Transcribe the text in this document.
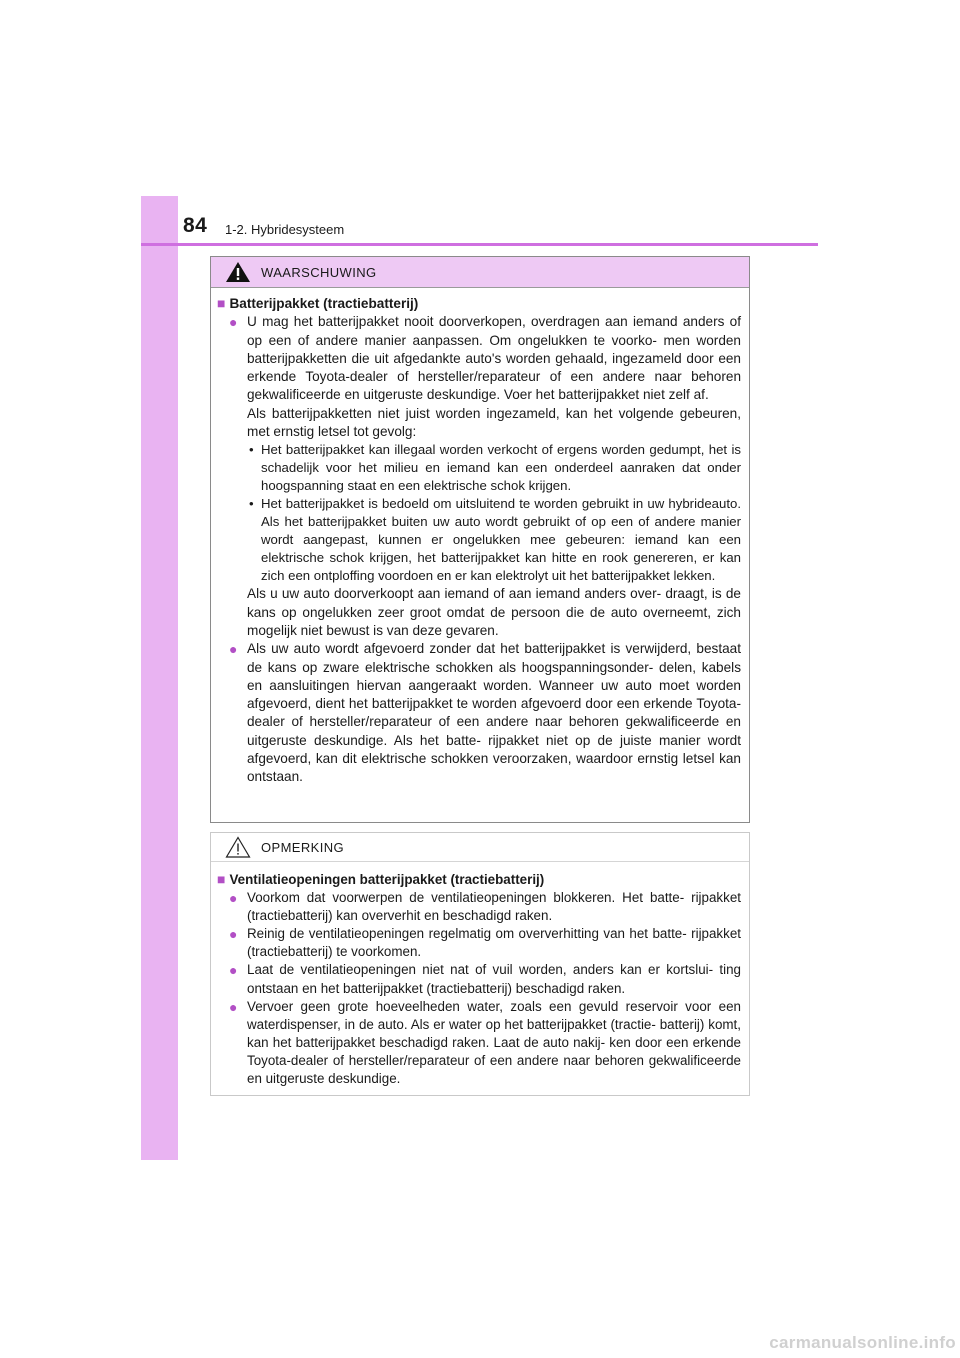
84 1-2. Hybridesysteem
WAARSCHUWING
■ Batterijpakket (tractiebatterij)
● U mag het batterijpakket nooit doorverkopen, overdragen aan iemand anders of op een of andere manier aanpassen. Om ongelukken te voorko- men worden batterijpakketten die uit afgedankte auto's worden gehaald, ingezameld door een erkende Toyota-dealer of hersteller/reparateur of een andere naar behoren gekwalificeerde en uitgeruste deskundige. Voer het batterijpakket niet zelf af.
Als batterijpakketten niet juist worden ingezameld, kan het volgende gebeuren, met ernstig letsel tot gevolg:
• Het batterijpakket kan illegaal worden verkocht of ergens worden gedumpt, het is schadelijk voor het milieu en iemand kan een onderdeel aanraken dat onder hoogspanning staat en een elektrische schok krijgen.
• Het batterijpakket is bedoeld om uitsluitend te worden gebruikt in uw hybrideauto. Als het batterijpakket buiten uw auto wordt gebruikt of op een of andere manier wordt aangepast, kunnen er ongelukken mee gebeuren: iemand kan een elektrische schok krijgen, het batterijpakket kan hitte en rook genereren, er kan zich een ontploffing voordoen en er kan elektrolyt uit het batterijpakket lekken.
Als u uw auto doorverkoopt aan iemand of aan iemand anders over- draagt, is de kans op ongelukken zeer groot omdat de persoon die de auto overneemt, zich mogelijk niet bewust is van deze gevaren.
● Als uw auto wordt afgevoerd zonder dat het batterijpakket is verwijderd, bestaat de kans op zware elektrische schokken als hoogspanningsonder- delen, kabels en aansluitingen hiervan aangeraakt worden. Wanneer uw auto moet worden afgevoerd, dient het batterijpakket te worden afgevoerd door een erkende Toyota-dealer of hersteller/reparateur of een andere naar behoren gekwalificeerde en uitgeruste deskundige. Als het batte- rijpakket niet op de juiste manier wordt afgevoerd, kan dit elektrische schokken veroorzaken, waardoor ernstig letsel kan ontstaan.
OPMERKING
■ Ventilatieopeningen batterijpakket (tractiebatterij)
● Voorkom dat voorwerpen de ventilatieopeningen blokkeren. Het batte- rijpakket (tractiebatterij) kan oververhit en beschadigd raken.
● Reinig de ventilatieopeningen regelmatig om oververhitting van het batte- rijpakket (tractiebatterij) te voorkomen.
● Laat de ventilatieopeningen niet nat of vuil worden, anders kan er kortslui- ting ontstaan en het batterijpakket (tractiebatterij) beschadigd raken.
● Vervoer geen grote hoeveelheden water, zoals een gevuld reservoir voor een waterdispenser, in de auto. Als er water op het batterijpakket (tractie- batterij) komt, kan het batterijpakket beschadigd raken. Laat de auto nakij- ken door een erkende Toyota-dealer of hersteller/reparateur of een andere naar behoren gekwalificeerde en uitgeruste deskundige.
carmanualsonline.info
